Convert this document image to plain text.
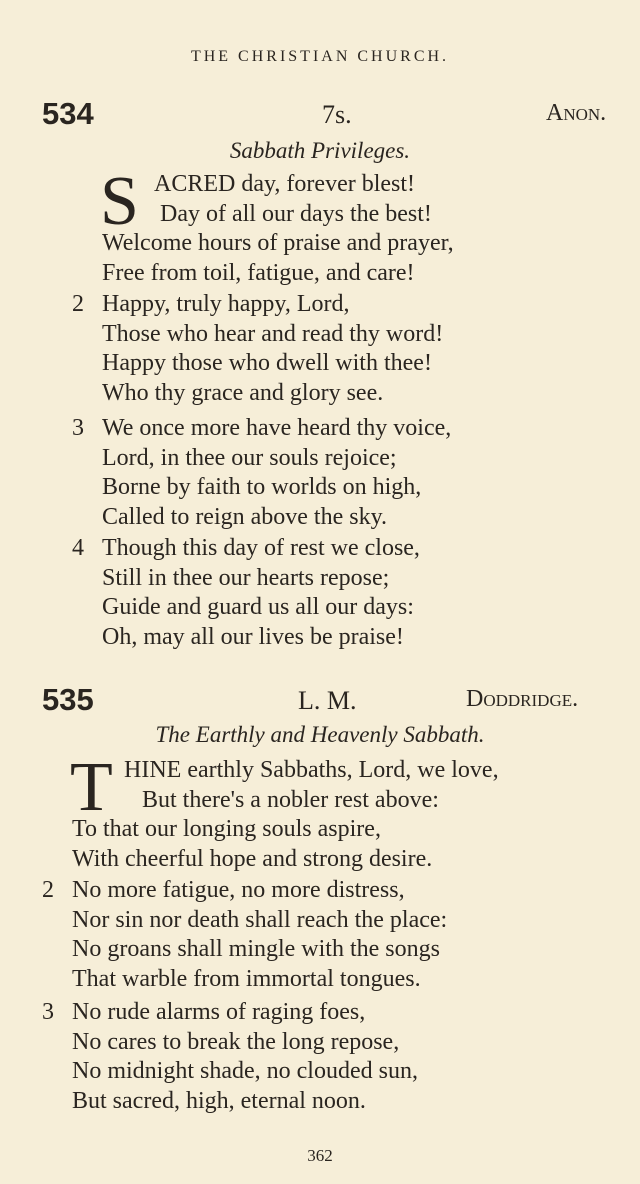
THE CHRISTIAN CHURCH.
534	7s.	Anon.
Sabbath Privileges.
S ACRED day, forever blest!
Day of all our days the best!
Welcome hours of praise and prayer,
Free from toil, fatigue, and care!
2 Happy, truly happy, Lord,
Those who hear and read thy word!
Happy those who dwell with thee!
Who thy grace and glory see.
3 We once more have heard thy voice,
Lord, in thee our souls rejoice;
Borne by faith to worlds on high,
Called to reign above the sky.
4 Though this day of rest we close,
Still in thee our hearts repose;
Guide and guard us all our days:
Oh, may all our lives be praise!
535	L. M.	Doddridge.
The Earthly and Heavenly Sabbath.
T HINE earthly Sabbaths, Lord, we love,
But there's a nobler rest above:
To that our longing souls aspire,
With cheerful hope and strong desire.
2 No more fatigue, no more distress,
Nor sin nor death shall reach the place:
No groans shall mingle with the songs
That warble from immortal tongues.
3 No rude alarms of raging foes,
No cares to break the long repose,
No midnight shade, no clouded sun,
But sacred, high, eternal noon.
362
